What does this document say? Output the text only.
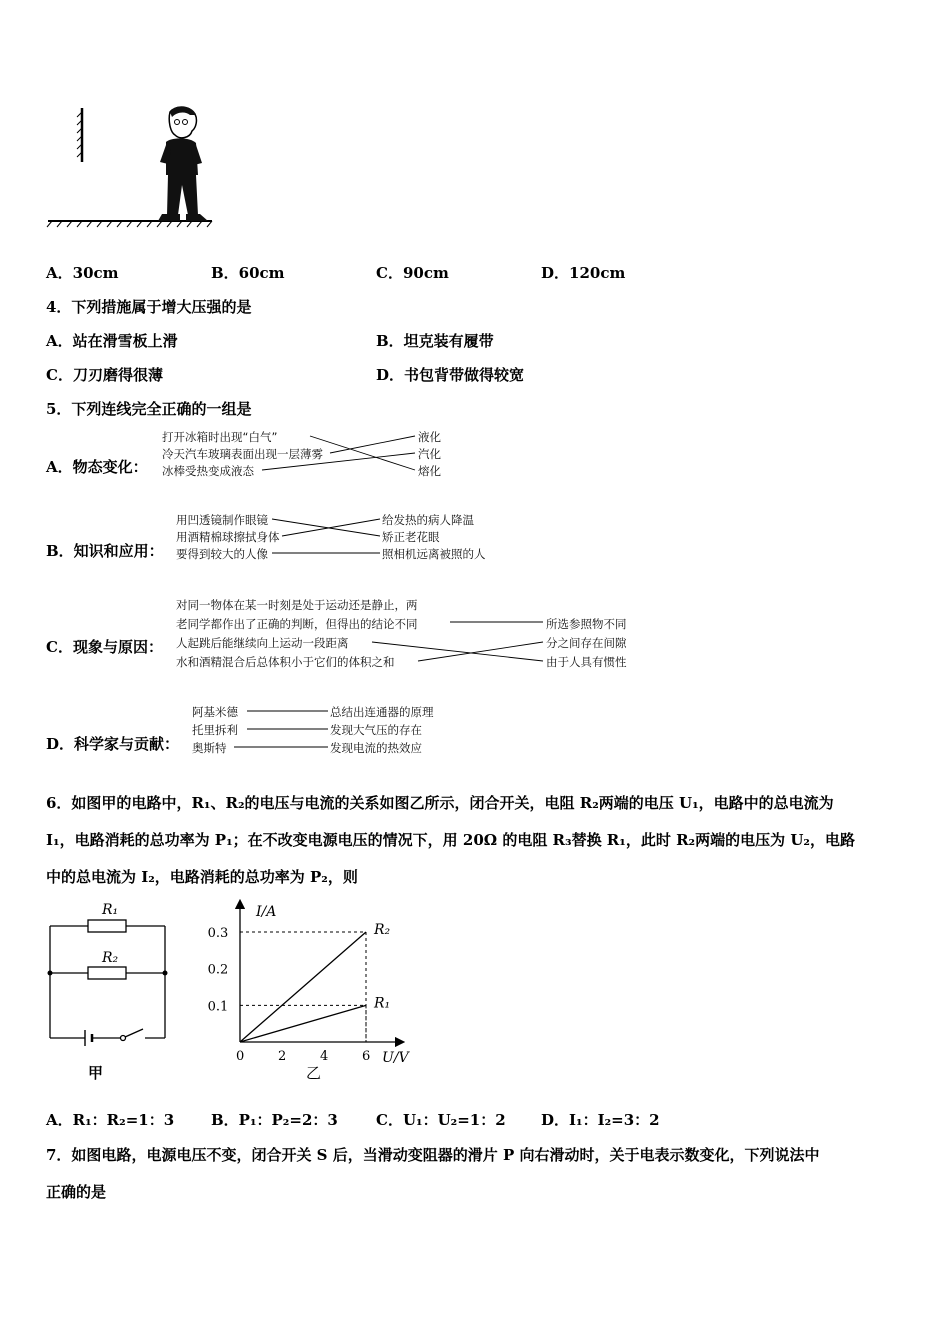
A．30cm	B．60cm	C．90cm	D．120cm
4．下列措施属于增大压强的是
A．站在滑雪板上滑	B．坦克装有履带
C．刀刃磨得很薄	D．书包背带做得较宽
5．下列连线完全正确的一组是
A．物态变化：
打开冰箱时出现“白气”
冷天汽车玻璃表面出现一层薄雾
冰棒受热变成液态
液化
汽化
熔化
B．知识和应用：
用凹透镜制作眼镜
用酒精棉球擦拭身体
要得到较大的人像
给发热的病人降温
矫正老花眼
照相机远离被照的人
C．现象与原因：
对同一物体在某一时刻是处于运动还是静止，两
老同学都作出了正确的判断，但得出的结论不同
人起跳后能继续向上运动一段距离
水和酒精混合后总体积小于它们的体积之和
所选参照物不同
分之间存在间隙
由于人具有惯性
D．科学家与贡献：
阿基米德
托里拆利
奥斯特
总结出连通器的原理
发现大气压的存在
发现电流的热效应
6．如图甲的电路中，R₁、R₂的电压与电流的关系如图乙所示，闭合开关，电阻 R₂两端的电压 U₁，电路中的总电流为
I₁，电路消耗的总功率为 P₁；在不改变电源电压的情况下，用 20Ω 的电阻 R₃替换 R₁，此时 R₂两端的电压为 U₂，电路
中的总电流为 I₂，电路消耗的总功率为 P₂，则
R₁
R₂
甲
I/A
U/V
乙
0	2	4	6
0.1
0.2
0.3	R₂
R₁
A．R₁：R₂=1：3 B．P₁：P₂=2：3	C．U₁：U₂=1：2 D．I₁：I₂=3：2
7．如图电路，电源电压不变，闭合开关 S 后，当滑动变阻器的滑片 P 向右滑动时，关于电表示数变化，下列说法中
正确的是
